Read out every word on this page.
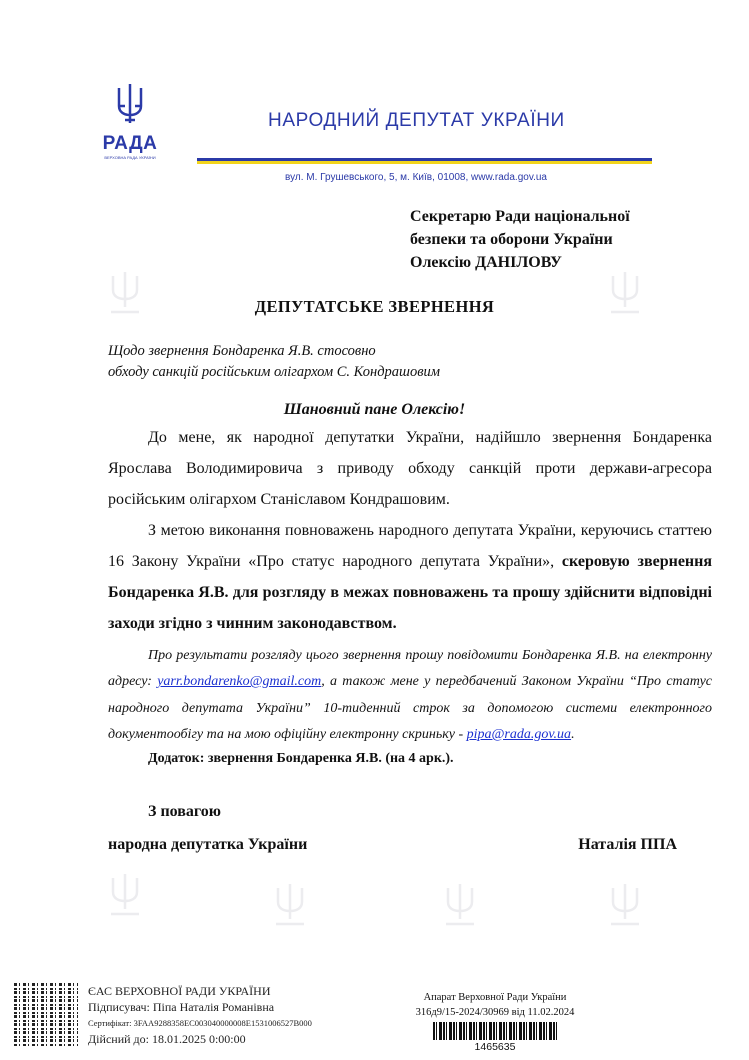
РАДА
ВЕРХОВНА РАДА УКРАЇНИ
НАРОДНИЙ ДЕПУТАТ УКРАЇНИ
вул. М. Грушевського, 5, м. Київ, 01008, www.rada.gov.ua
Секретарю Ради національної
безпеки та оборони України
Олексію ДАНІЛОВУ
ДЕПУТАТСЬКЕ ЗВЕРНЕННЯ
Щодо звернення Бондаренка Я.В. стосовно
обходу санкцій російським олігархом С. Кондрашовим
Шановний пане Олексію!

До мене, як народної депутатки України, надійшло звернення Бондаренка Ярослава Володимировича з приводу обходу санкцій проти держави-агресора російським олігархом Станіславом Кондрашовим.

З метою виконання повноважень народного депутата України, керуючись статтею 16 Закону України «Про статус народного депутата України», скеровую звернення Бондаренка Я.В. для розгляду в межах повноважень та прошу здійснити відповідні заходи згідно з чинним законодавством.

Про результати розгляду цього звернення прошу повідомити Бондаренка Я.В. на електронну адресу: yarr.bondarenko@gmail.com, а також мене у передбачений Законом України “Про статус народного депутата України” 10-тиденний строк за допомогою системи електронного документообігу та на мою офіційну електронну скриньку - pipa@rada.gov.ua.

Додаток: звернення Бондаренка Я.В. (на 4 арк.).
З повагою
народна депутатка України	Наталія ППА
ЄАС ВЕРХОВНОЇ РАДИ УКРАЇНИ
Підписувач: Піпа Наталія Романівна
Сертифікат: 3FAA9288358EC003040000008E1531006527B000
Дійсний до: 18.01.2025 0:00:00
Апарат Верховної Ради України
316д9/15-2024/30969 від 11.02.2024
1465635
